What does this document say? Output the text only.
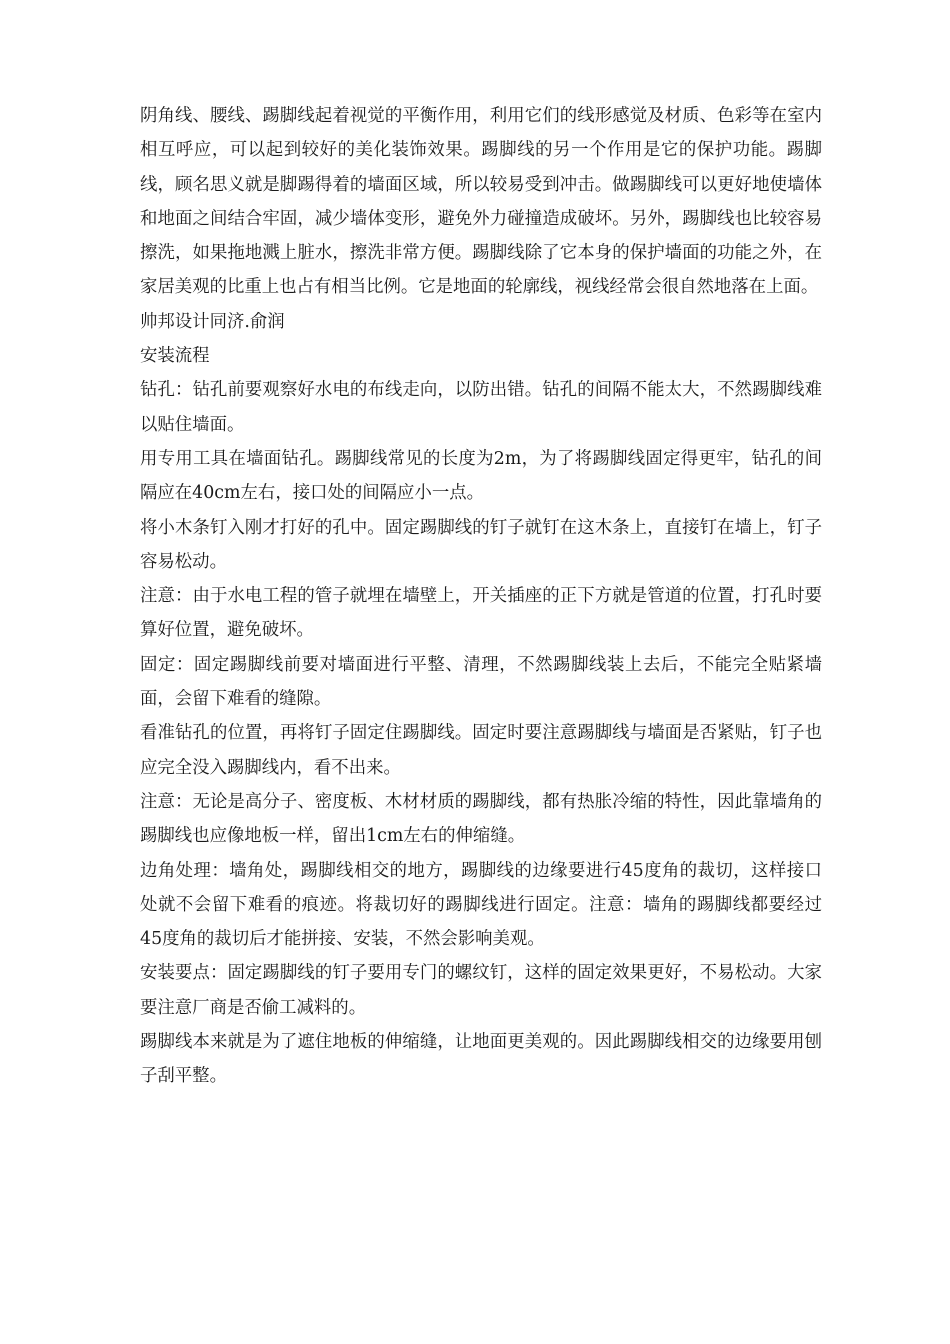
阴角线、腰线、踢脚线起着视觉的平衡作用，利用它们的线形感觉及材质、色彩等在室内相互呼应，可以起到较好的美化装饰效果。踢脚线的另一个作用是它的保护功能。踢脚线，顾名思义就是脚踢得着的墙面区域，所以较易受到冲击。做踢脚线可以更好地使墙体和地面之间结合牢固，减少墙体变形，避免外力碰撞造成破坏。另外，踢脚线也比较容易擦洗，如果拖地溅上脏水，擦洗非常方便。踢脚线除了它本身的保护墙面的功能之外，在家居美观的比重上也占有相当比例。它是地面的轮廓线，视线经常会很自然地落在上面。

帅邦设计同济.俞润

安装流程

钻孔：钻孔前要观察好水电的布线走向，以防出错。钻孔的间隔不能太大，不然踢脚线难以贴住墙面。

用专用工具在墙面钻孔。踢脚线常见的长度为2m，为了将踢脚线固定得更牢，钻孔的间隔应在40cm左右，接口处的间隔应小一点。

将小木条钉入刚才打好的孔中。固定踢脚线的钉子就钉在这木条上，直接钉在墙上，钉子容易松动。

注意：由于水电工程的管子就埋在墙壁上，开关插座的正下方就是管道的位置，打孔时要算好位置，避免破坏。

固定：固定踢脚线前要对墙面进行平整、清理，不然踢脚线装上去后，不能完全贴紧墙面，会留下难看的缝隙。

看准钻孔的位置，再将钉子固定住踢脚线。固定时要注意踢脚线与墙面是否紧贴，钉子也应完全没入踢脚线内，看不出来。

注意：无论是高分子、密度板、木材材质的踢脚线，都有热胀冷缩的特性，因此靠墙角的踢脚线也应像地板一样，留出1cm左右的伸缩缝。

边角处理：墙角处，踢脚线相交的地方，踢脚线的边缘要进行45度角的裁切，这样接口处就不会留下难看的痕迹。将裁切好的踢脚线进行固定。注意：墙角的踢脚线都要经过45度角的裁切后才能拼接、安装，不然会影响美观。

安装要点：固定踢脚线的钉子要用专门的螺纹钉，这样的固定效果更好，不易松动。大家要注意厂商是否偷工减料的。

踢脚线本来就是为了遮住地板的伸缩缝，让地面更美观的。因此踢脚线相交的边缘要用刨子刮平整。
